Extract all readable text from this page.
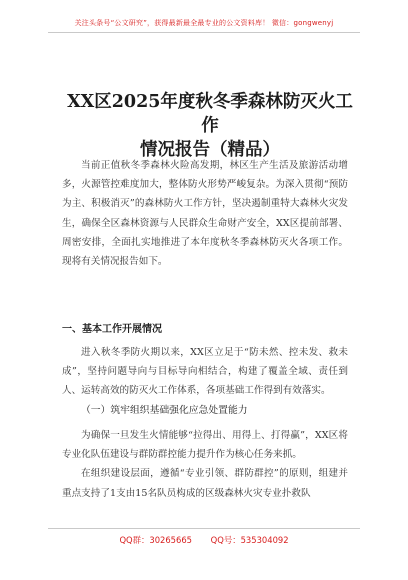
关注头条号“公文研究”，获得最新最全最专业的公文资料库！ 微信：gongwenyj
XX区2025年度秋冬季森林防灭火工作
情况报告（精品）

当前正值秋冬季森林火险高发期，林区生产生活及旅游活动增多，火源管控难度加大，整体防火形势严峻复杂。为深入贯彻“预防为主、积极消灭”的森林防火工作方针，坚决遏制重特大森林火灾发生，确保全区森林资源与人民群众生命财产安全，XX区提前部署、周密安排，全面扎实地推进了本年度秋冬季森林防灭火各项工作。现将有关情况报告如下。

一、基本工作开展情况

进入秋冬季防火期以来，XX区立足于“防未然、控未发、救未成”，坚持问题导向与目标导向相结合，构建了覆盖全域、责任到人、运转高效的防灭火工作体系，各项基础工作得到有效落实。

（一）筑牢组织基础强化应急处置能力

为确保一旦发生火情能够“拉得出、用得上、打得赢”，XX区将专业化队伍建设与群防群控能力提升作为核心任务来抓。

在组织建设层面，遵循“专业引领、群防群控”的原则，组建并重点支持了1支由15名队员构成的区级森林火灾专业扑救队

QQ群：30265665 QQ号：535304092
